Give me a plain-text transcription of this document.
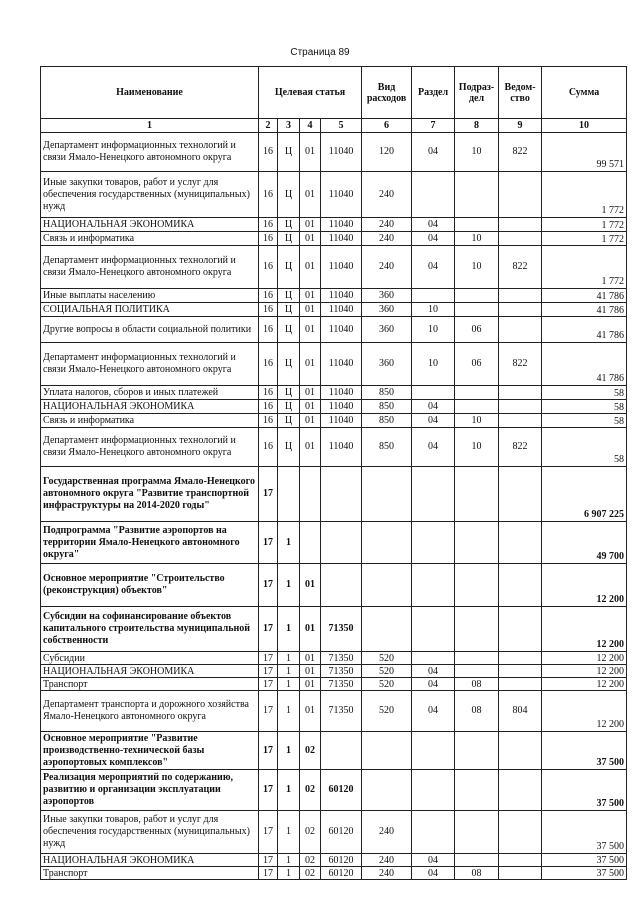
Страница 89
Наименование	Целевая статья				Вид расходов	Раздел	Подраз-дел	Ведом-ство	Сумма
1	2	3	4	5	6	7	8	9	10
Департамент информационных технологий и связи Ямало-Ненецкого автономного округа	16	Ц	01	11040	120	04	10	822	99 571
Иные закупки товаров, работ и услуг для обеспечения государственных (муниципальных) нужд	16	Ц	01	11040	240				1 772
НАЦИОНАЛЬНАЯ ЭКОНОМИКА	16	Ц	01	11040	240	04			1 772
Связь и информатика	16	Ц	01	11040	240	04	10		1 772
Департамент информационных технологий и связи Ямало-Ненецкого автономного округа	16	Ц	01	11040	240	04	10	822	1 772
Иные выплаты населению	16	Ц	01	11040	360				41 786
СОЦИАЛЬНАЯ ПОЛИТИКА	16	Ц	01	11040	360	10			41 786
Другие вопросы в области социальной политики	16	Ц	01	11040	360	10	06		41 786
Департамент информационных технологий и связи Ямало-Ненецкого автономного округа	16	Ц	01	11040	360	10	06	822	41 786
Уплата налогов, сборов и иных платежей	16	Ц	01	11040	850				58
НАЦИОНАЛЬНАЯ ЭКОНОМИКА	16	Ц	01	11040	850	04			58
Связь и информатика	16	Ц	01	11040	850	04	10		58
Департамент информационных технологий и связи Ямало-Ненецкого автономного округа	16	Ц	01	11040	850	04	10	822	58
Государственная программа Ямало-Ненецкого автономного округа "Развитие транспортной инфраструктуры на 2014-2020 годы"	17								6 907 225
Подпрограмма "Развитие аэропортов на территории Ямало-Ненецкого автономного округа"	17	1							49 700
Основное мероприятие "Строительство (реконструкция) объектов"	17	1	01						12 200
Субсидии на софинансирование объектов капитального строительства муниципальной собственности	17	1	01	71350					12 200
Субсидии	17	1	01	71350	520				12 200
НАЦИОНАЛЬНАЯ ЭКОНОМИКА	17	1	01	71350	520	04			12 200
Транспорт	17	1	01	71350	520	04	08		12 200
Департамент транспорта и дорожного хозяйства Ямало-Ненецкого автономного округа	17	1	01	71350	520	04	08	804	12 200
Основное мероприятие "Развитие производственно-технической базы аэропортовых комплексов"	17	1	02						37 500
Реализация мероприятий по содержанию, развитию и организации эксплуатации аэропортов	17	1	02	60120					37 500
Иные закупки товаров, работ и услуг для обеспечения государственных (муниципальных) нужд	17	1	02	60120	240				37 500
НАЦИОНАЛЬНАЯ ЭКОНОМИКА	17	1	02	60120	240	04			37 500
Транспорт	17	1	02	60120	240	04	08		37 500
